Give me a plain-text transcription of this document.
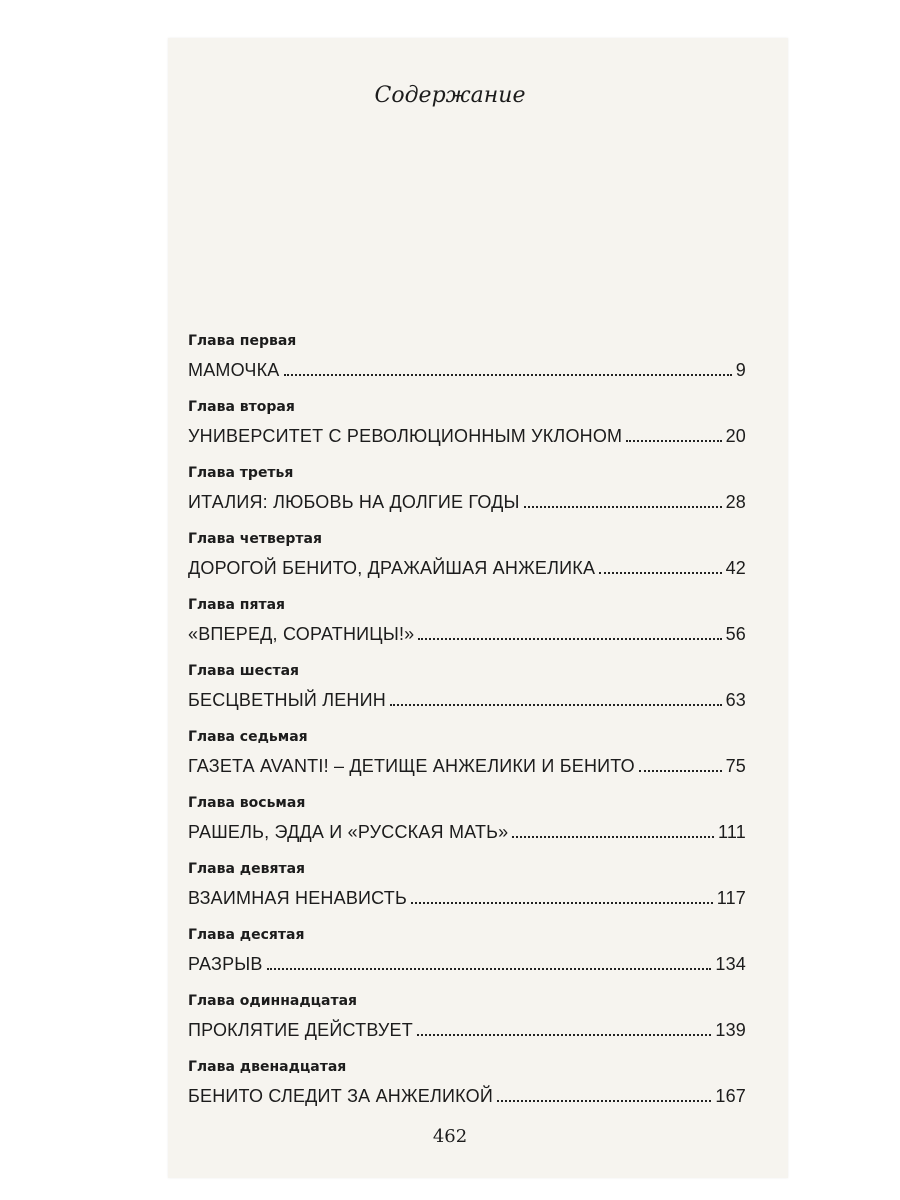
Содержание
Глава первая
МАМОЧКА	9
Глава вторая
УНИВЕРСИТЕТ С РЕВОЛЮЦИОННЫМ УКЛОНОМ	20
Глава третья
ИТАЛИЯ: ЛЮБОВЬ НА ДОЛГИЕ ГОДЫ	28
Глава четвертая
ДОРОГОЙ БЕНИТО, ДРАЖАЙШАЯ АНЖЕЛИКА	42
Глава пятая
«ВПЕРЕД, СОРАТНИЦЫ!»	56
Глава шестая
БЕСЦВЕТНЫЙ ЛЕНИН	63
Глава седьмая
ГАЗЕТА AVANTI! – ДЕТИЩЕ АНЖЕЛИКИ И БЕНИТО	75
Глава восьмая
РАШЕЛЬ, ЭДДА И «РУССКАЯ МАТЬ»	111
Глава девятая
ВЗАИМНАЯ НЕНАВИСТЬ	117
Глава десятая
РАЗРЫВ	134
Глава одиннадцатая
ПРОКЛЯТИЕ ДЕЙСТВУЕТ	139
Глава двенадцатая
БЕНИТО СЛЕДИТ ЗА АНЖЕЛИКОЙ	167
462
